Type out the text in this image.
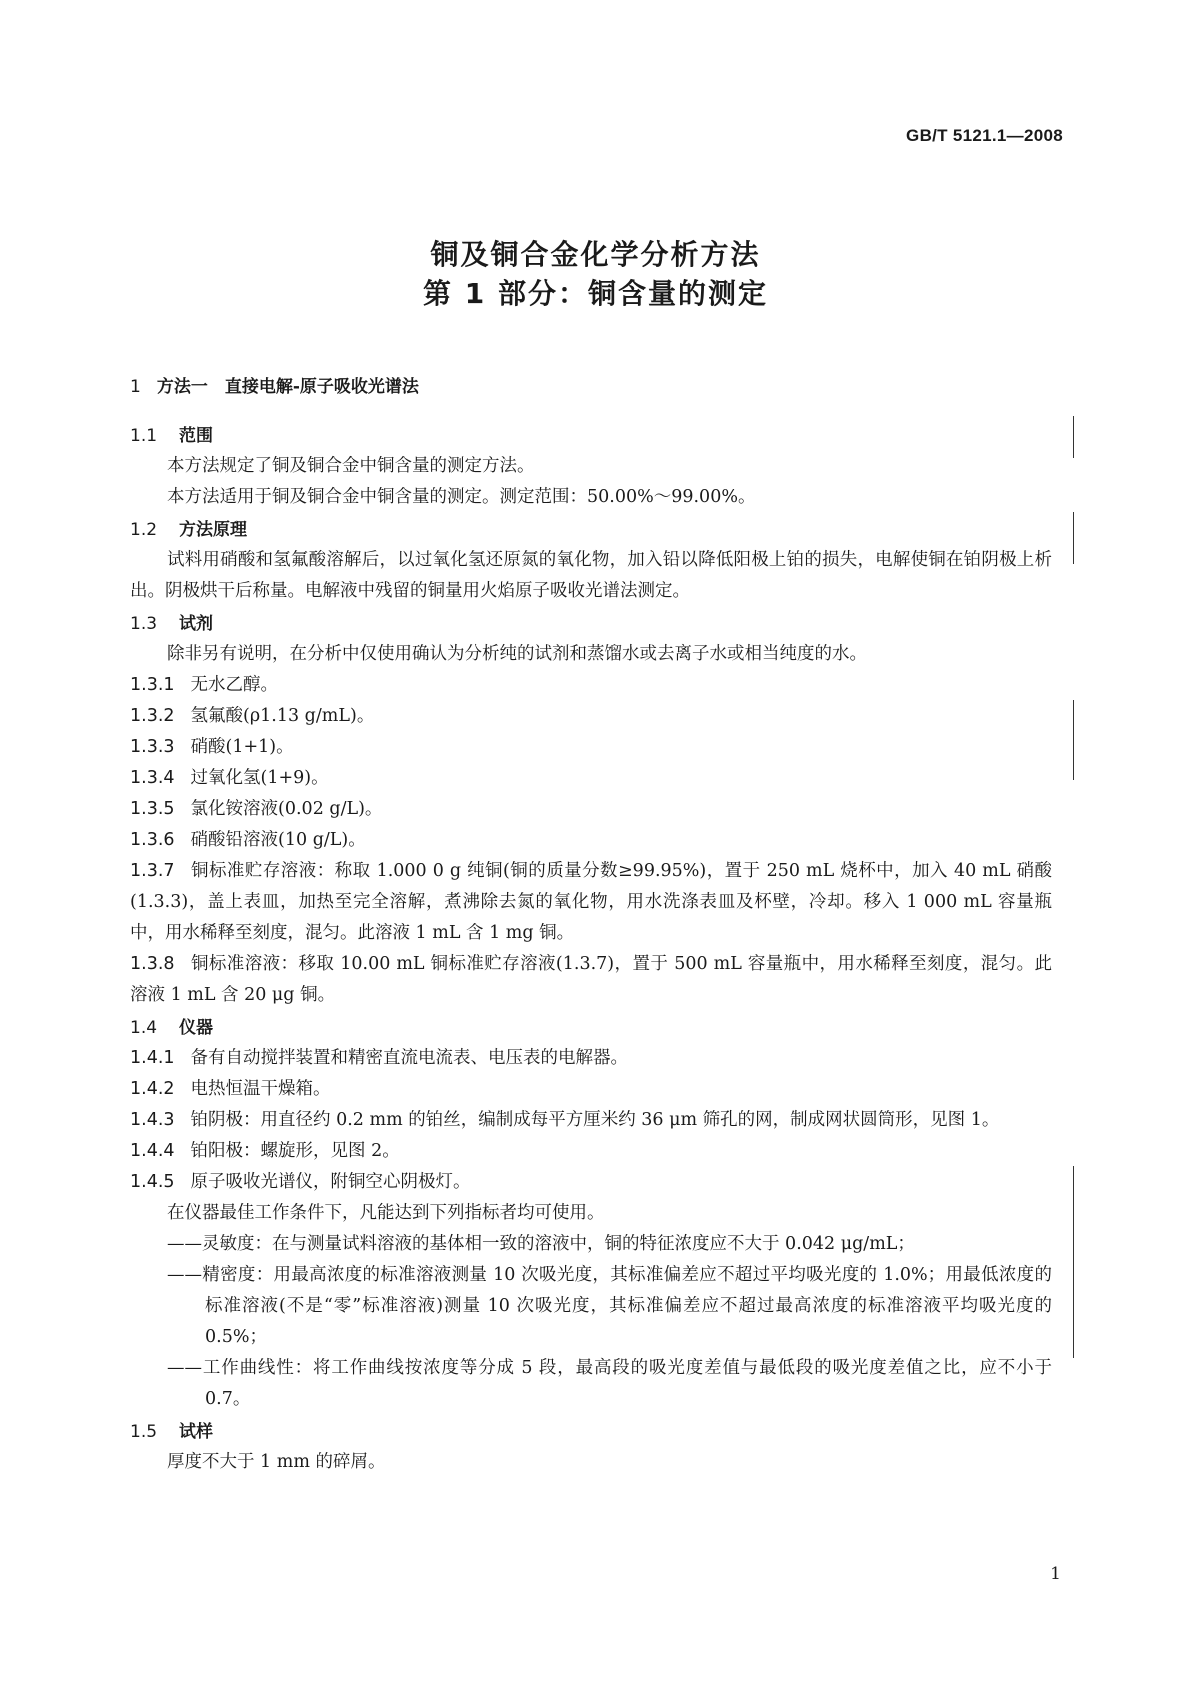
GB/T 5121.1—2008
铜及铜合金化学分析方法
第 1 部分：铜含量的测定
1 方法一　直接电解-原子吸收光谱法
1.1 范围

本方法规定了铜及铜合金中铜含量的测定方法。

本方法适用于铜及铜合金中铜含量的测定。测定范围：50.00%～99.00%。

1.2 方法原理

试料用硝酸和氢氟酸溶解后，以过氧化氢还原氮的氧化物，加入铅以降低阳极上铂的损失，电解使铜在铂阴极上析出。阴极烘干后称量。电解液中残留的铜量用火焰原子吸收光谱法测定。

1.3 试剂

除非另有说明，在分析中仅使用确认为分析纯的试剂和蒸馏水或去离子水或相当纯度的水。

1.3.1 无水乙醇。

1.3.2 氢氟酸(ρ1.13 g/mL)。

1.3.3 硝酸(1+1)。

1.3.4 过氧化氢(1+9)。

1.3.5 氯化铵溶液(0.02 g/L)。

1.3.6 硝酸铅溶液(10 g/L)。

1.3.7 铜标准贮存溶液：称取 1.000 0 g 纯铜(铜的质量分数≥99.95%)，置于 250 mL 烧杯中，加入 40 mL 硝酸(1.3.3)，盖上表皿，加热至完全溶解，煮沸除去氮的氧化物，用水洗涤表皿及杯壁，冷却。移入 1 000 mL 容量瓶中，用水稀释至刻度，混匀。此溶液 1 mL 含 1 mg 铜。

1.3.8 铜标准溶液：移取 10.00 mL 铜标准贮存溶液(1.3.7)，置于 500 mL 容量瓶中，用水稀释至刻度，混匀。此溶液 1 mL 含 20 μg 铜。

1.4 仪器

1.4.1 备有自动搅拌装置和精密直流电流表、电压表的电解器。

1.4.2 电热恒温干燥箱。

1.4.3 铂阴极：用直径约 0.2 mm 的铂丝，编制成每平方厘米约 36 μm 筛孔的网，制成网状圆筒形，见图 1。

1.4.4 铂阳极：螺旋形，见图 2。

1.4.5 原子吸收光谱仪，附铜空心阴极灯。

在仪器最佳工作条件下，凡能达到下列指标者均可使用。

——灵敏度：在与测量试料溶液的基体相一致的溶液中，铜的特征浓度应不大于 0.042 μg/mL；

——精密度：用最高浓度的标准溶液测量 10 次吸光度，其标准偏差应不超过平均吸光度的 1.0%；用最低浓度的标准溶液(不是“零”标准溶液)测量 10 次吸光度，其标准偏差应不超过最高浓度的标准溶液平均吸光度的 0.5%；

——工作曲线性：将工作曲线按浓度等分成 5 段，最高段的吸光度差值与最低段的吸光度差值之比，应不小于 0.7。

1.5 试样

厚度不大于 1 mm 的碎屑。

1
